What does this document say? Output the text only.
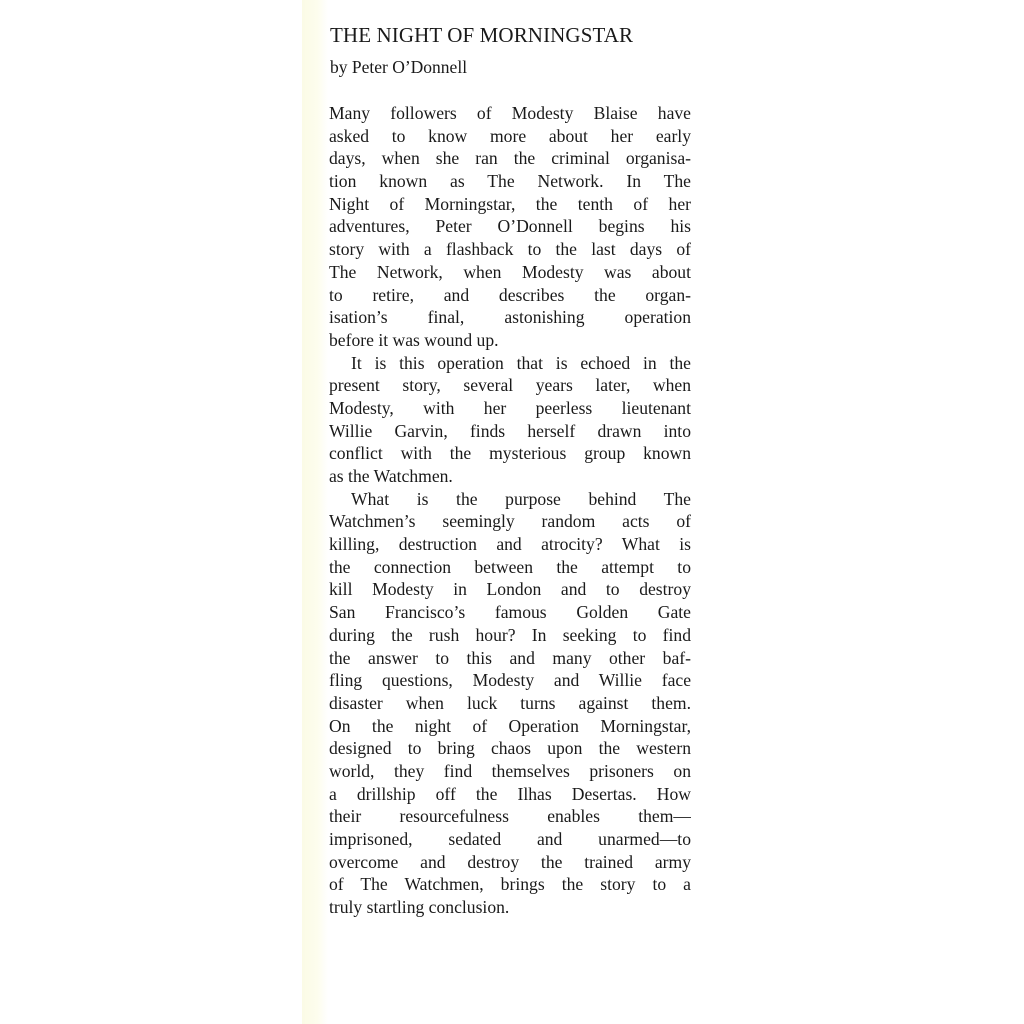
THE NIGHT OF MORNINGSTAR
by Peter O’Donnell
Many followers of Modesty Blaise have
asked to know more about her early
days, when she ran the criminal organisa-
tion known as The Network. In The
Night of Morningstar, the tenth of her
adventures, Peter O’Donnell begins his
story with a flashback to the last days of
The Network, when Modesty was about
to retire, and describes the organ-
isation’s final, astonishing operation
before it was wound up.
It is this operation that is echoed in the
present story, several years later, when
Modesty, with her peerless lieutenant
Willie Garvin, finds herself drawn into
conflict with the mysterious group known
as the Watchmen.
What is the purpose behind The
Watchmen’s seemingly random acts of
killing, destruction and atrocity? What is
the connection between the attempt to
kill Modesty in London and to destroy
San Francisco’s famous Golden Gate
during the rush hour? In seeking to find
the answer to this and many other baf-
fling questions, Modesty and Willie face
disaster when luck turns against them.
On the night of Operation Morningstar,
designed to bring chaos upon the western
world, they find themselves prisoners on
a drillship off the Ilhas Desertas. How
their resourcefulness enables them—
imprisoned, sedated and unarmed—to
overcome and destroy the trained army
of The Watchmen, brings the story to a
truly startling conclusion.
